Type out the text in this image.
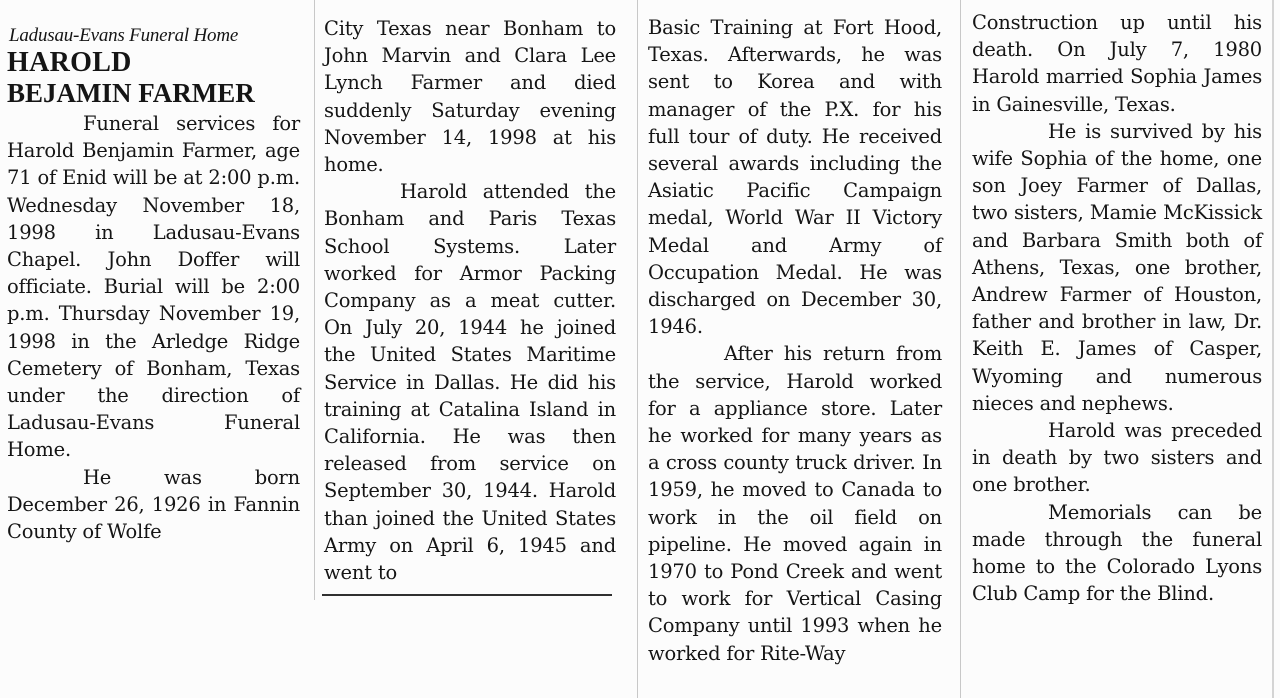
Ladusau-Evans Funeral Home

HAROLD

BEJAMIN FARMER

Funeral services for Harold Benjamin Farmer, age 71 of Enid will be at 2:00 p.m. Wednesday November 18, 1998 in Ladusau-Evans Chapel. John Doffer will officiate. Burial will be 2:00 p.m. Thursday November 19, 1998 in the Arledge Ridge Cemetery of Bonham, Texas under the direction of Ladusau-Evans Funeral Home.

He was born December 26, 1926 in Fannin County of Wolfe

City Texas near Bonham to John Marvin and Clara Lee Lynch Farmer and died suddenly Saturday evening November 14, 1998 at his home.

Harold attended the Bonham and Paris Texas School Systems. Later worked for Armor Packing Company as a meat cutter. On July 20, 1944 he joined the United States Maritime Service in Dallas. He did his training at Catalina Island in California. He was then released from service on September 30, 1944. Harold than joined the United States Army on April 6, 1945 and went to

Basic Training at Fort Hood, Texas. Afterwards, he was sent to Korea and with manager of the P.X. for his full tour of duty. He received several awards including the Asiatic Pacific Campaign medal, World War II Victory Medal and Army of Occupation Medal. He was discharged on December 30, 1946.

After his return from the service, Harold worked for a appliance store. Later he worked for many years as a cross county truck driver. In 1959, he moved to Canada to work in the oil field on pipeline. He moved again in 1970 to Pond Creek and went to work for Vertical Casing Company until 1993 when he worked for Rite-Way

Construction up until his death. On July 7, 1980 Harold married Sophia James in Gainesville, Texas.

He is survived by his wife Sophia of the home, one son Joey Farmer of Dallas, two sisters, Mamie McKissick and Barbara Smith both of Athens, Texas, one brother, Andrew Farmer of Houston, father and brother in law, Dr. Keith E. James of Casper, Wyoming and numerous nieces and nephews.

Harold was preceded in death by two sisters and one brother.

Memorials can be made through the funeral home to the Colorado Lyons Club Camp for the Blind.
